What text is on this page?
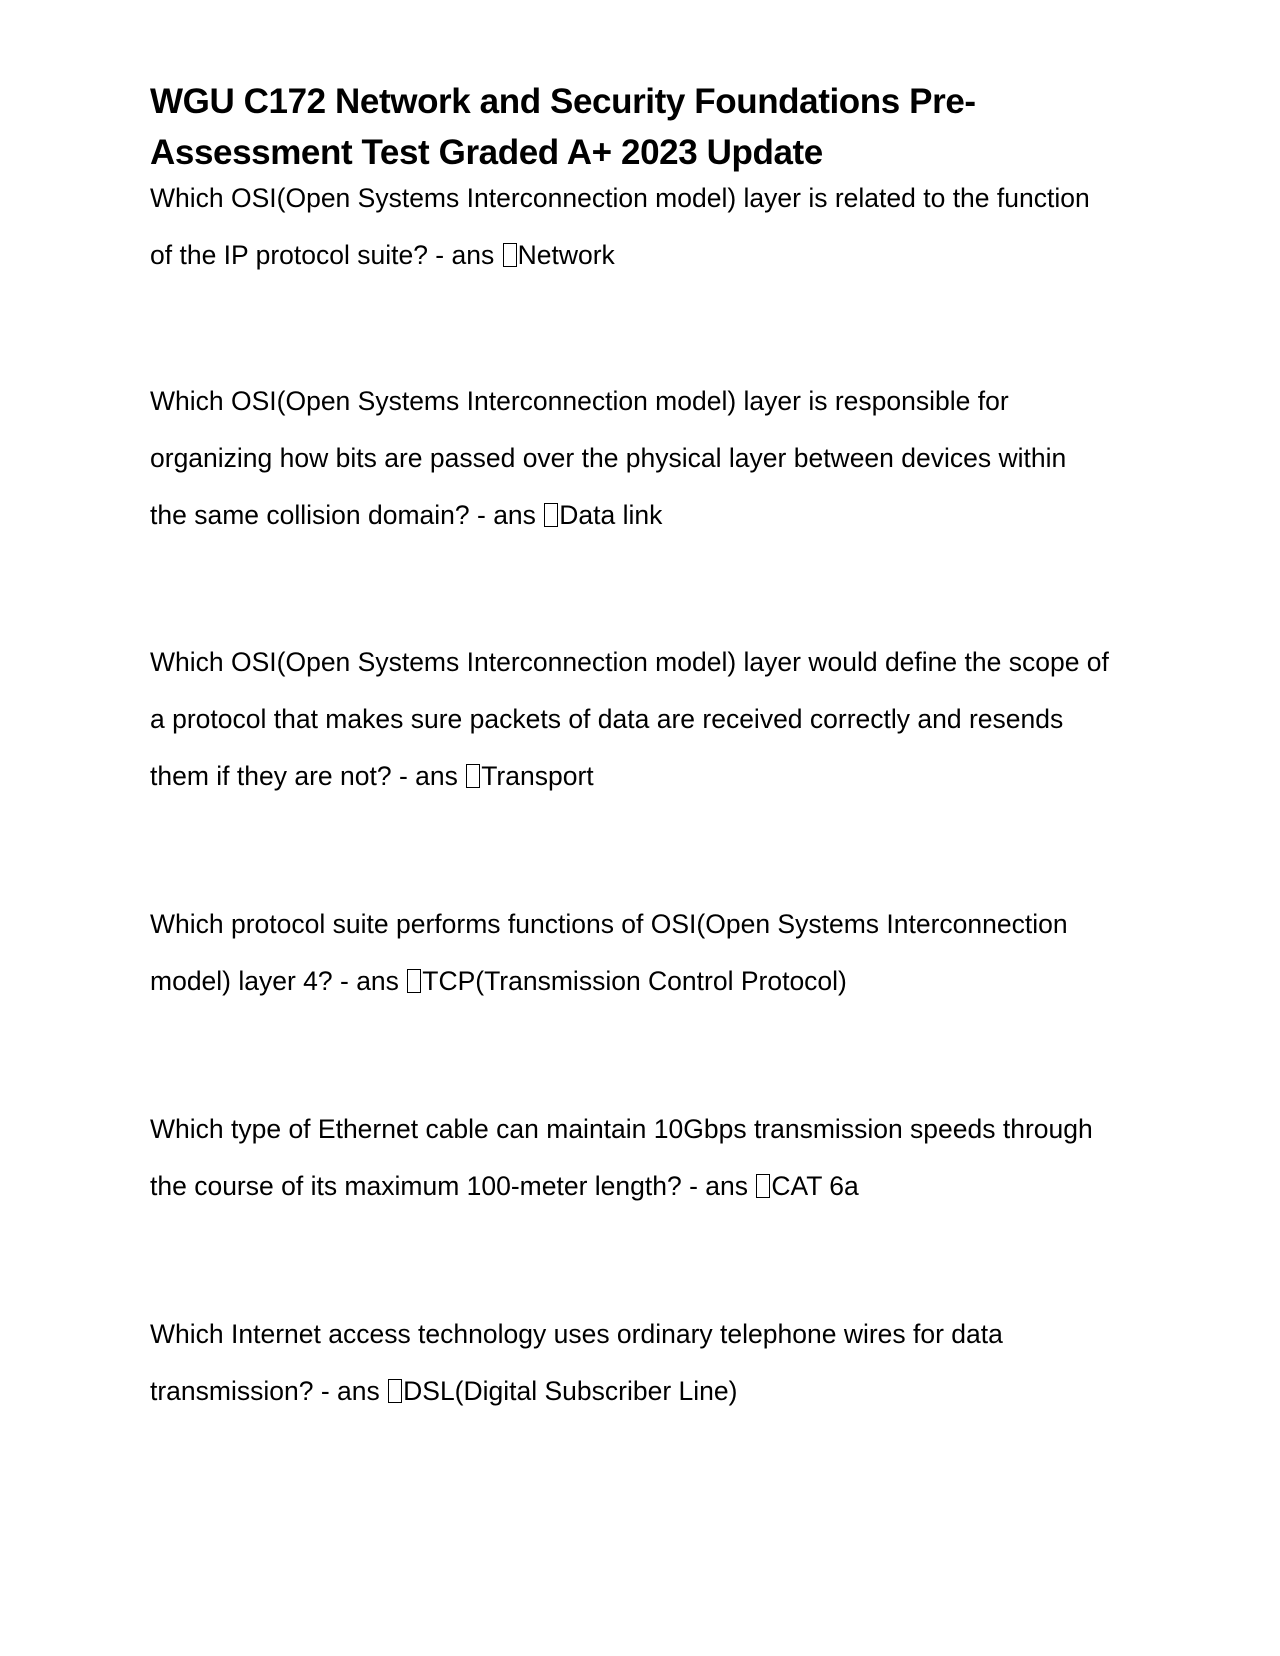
WGU C172 Network and Security Foundations Pre-Assessment Test Graded A+ 2023 Update

Which OSI(Open Systems Interconnection model) layer is related to the function of the IP protocol suite? - ans Network

Which OSI(Open Systems Interconnection model) layer is responsible for organizing how bits are passed over the physical layer between devices within the same collision domain? - ans Data link

Which OSI(Open Systems Interconnection model) layer would define the scope of a protocol that makes sure packets of data are received correctly and resends them if they are not? - ans Transport

Which protocol suite performs functions of OSI(Open Systems Interconnection model) layer 4? - ans TCP(Transmission Control Protocol)

Which type of Ethernet cable can maintain 10Gbps transmission speeds through the course of its maximum 100-meter length? - ans CAT 6a

Which Internet access technology uses ordinary telephone wires for data transmission? - ans DSL(Digital Subscriber Line)
